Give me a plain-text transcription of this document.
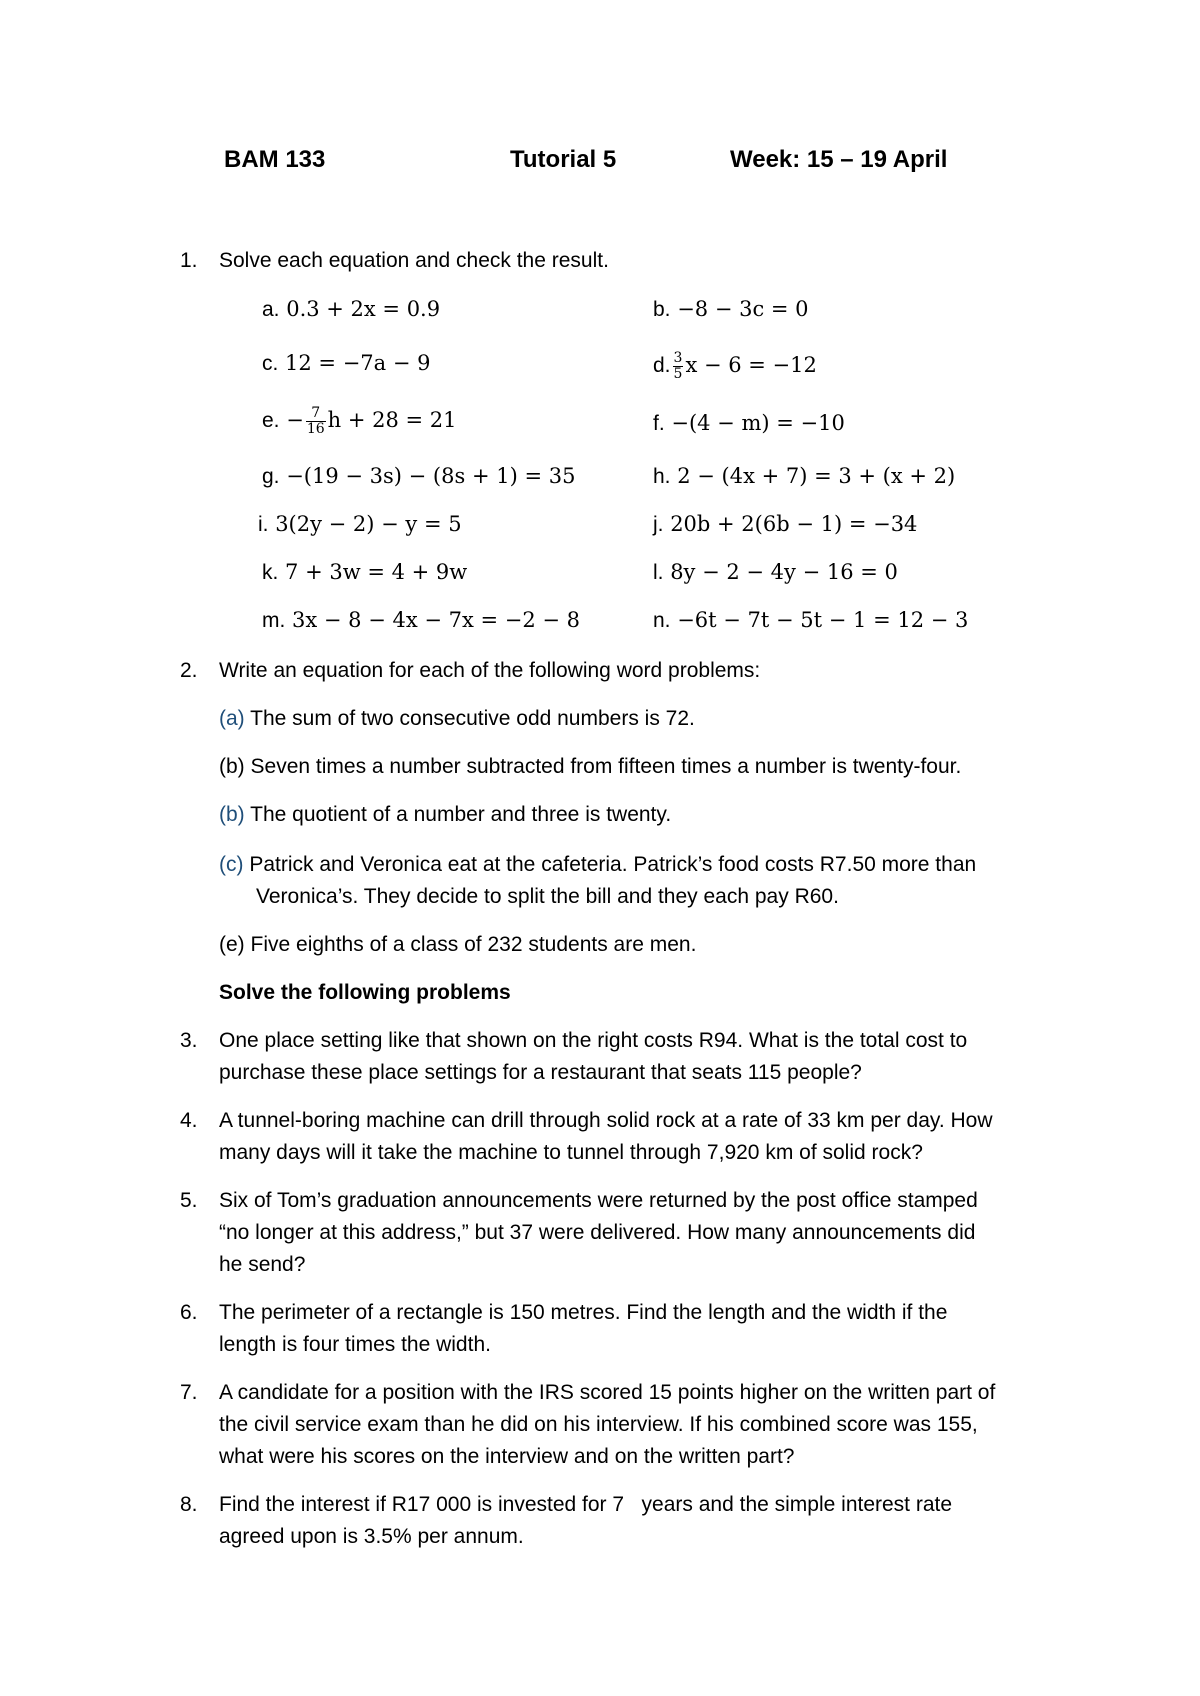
BAM 133	Tutorial 5	Week: 15 – 19 April
1. Solve each equation and check the result.
a. 0.3 + 2x = 0.9
c. 12 = −7a − 9
e. − $\frac{7}{16}$ h + 28 = 21
g. −(19 − 3s) − (8s + 1) = 35
i. 3(2y − 2) − y = 5
k. 7 + 3w = 4 + 9w
m. 3x − 8 − 4x − 7x = −2 − 8
b. −8 − 3c = 0
d. $\frac{3}{5}$ x − 6 = −12
f. −(4 − m) = −10
h. 2 − (4x + 7) = 3 + (x + 2)
j. 20b + 2(6b − 1) = −34
l. 8y − 2 − 4y − 16 = 0
n. −6t − 7t − 5t − 1 = 12 − 3
2. Write an equation for each of the following word problems:
(a) The sum of two consecutive odd numbers is 72.
(b) Seven times a number subtracted from fifteen times a number is twenty-four.
(b) The quotient of a number and three is twenty.
(c) Patrick and Veronica eat at the cafeteria. Patrick’s food costs R7.50 more than
Veronica’s. They decide to split the bill and they each pay R60.
(e) Five eighths of a class of 232 students are men.
Solve the following problems
3. One place setting like that shown on the right costs R94. What is the total cost to
purchase these place settings for a restaurant that seats 115 people?
4. A tunnel-boring machine can drill through solid rock at a rate of 33 km per day. How
many days will it take the machine to tunnel through 7,920 km of solid rock?
5. Six of Tom’s graduation announcements were returned by the post office stamped
“no longer at this address,” but 37 were delivered. How many announcements did
he send?
6. The perimeter of a rectangle is 150 metres. Find the length and the width if the
length is four times the width.
7. A candidate for a position with the IRS scored 15 points higher on the written part of
the civil service exam than he did on his interview. If his combined score was 155,
what were his scores on the interview and on the written part?
8. Find the interest if R17 000 is invested for 7   years and the simple interest rate
agreed upon is 3.5% per annum.
